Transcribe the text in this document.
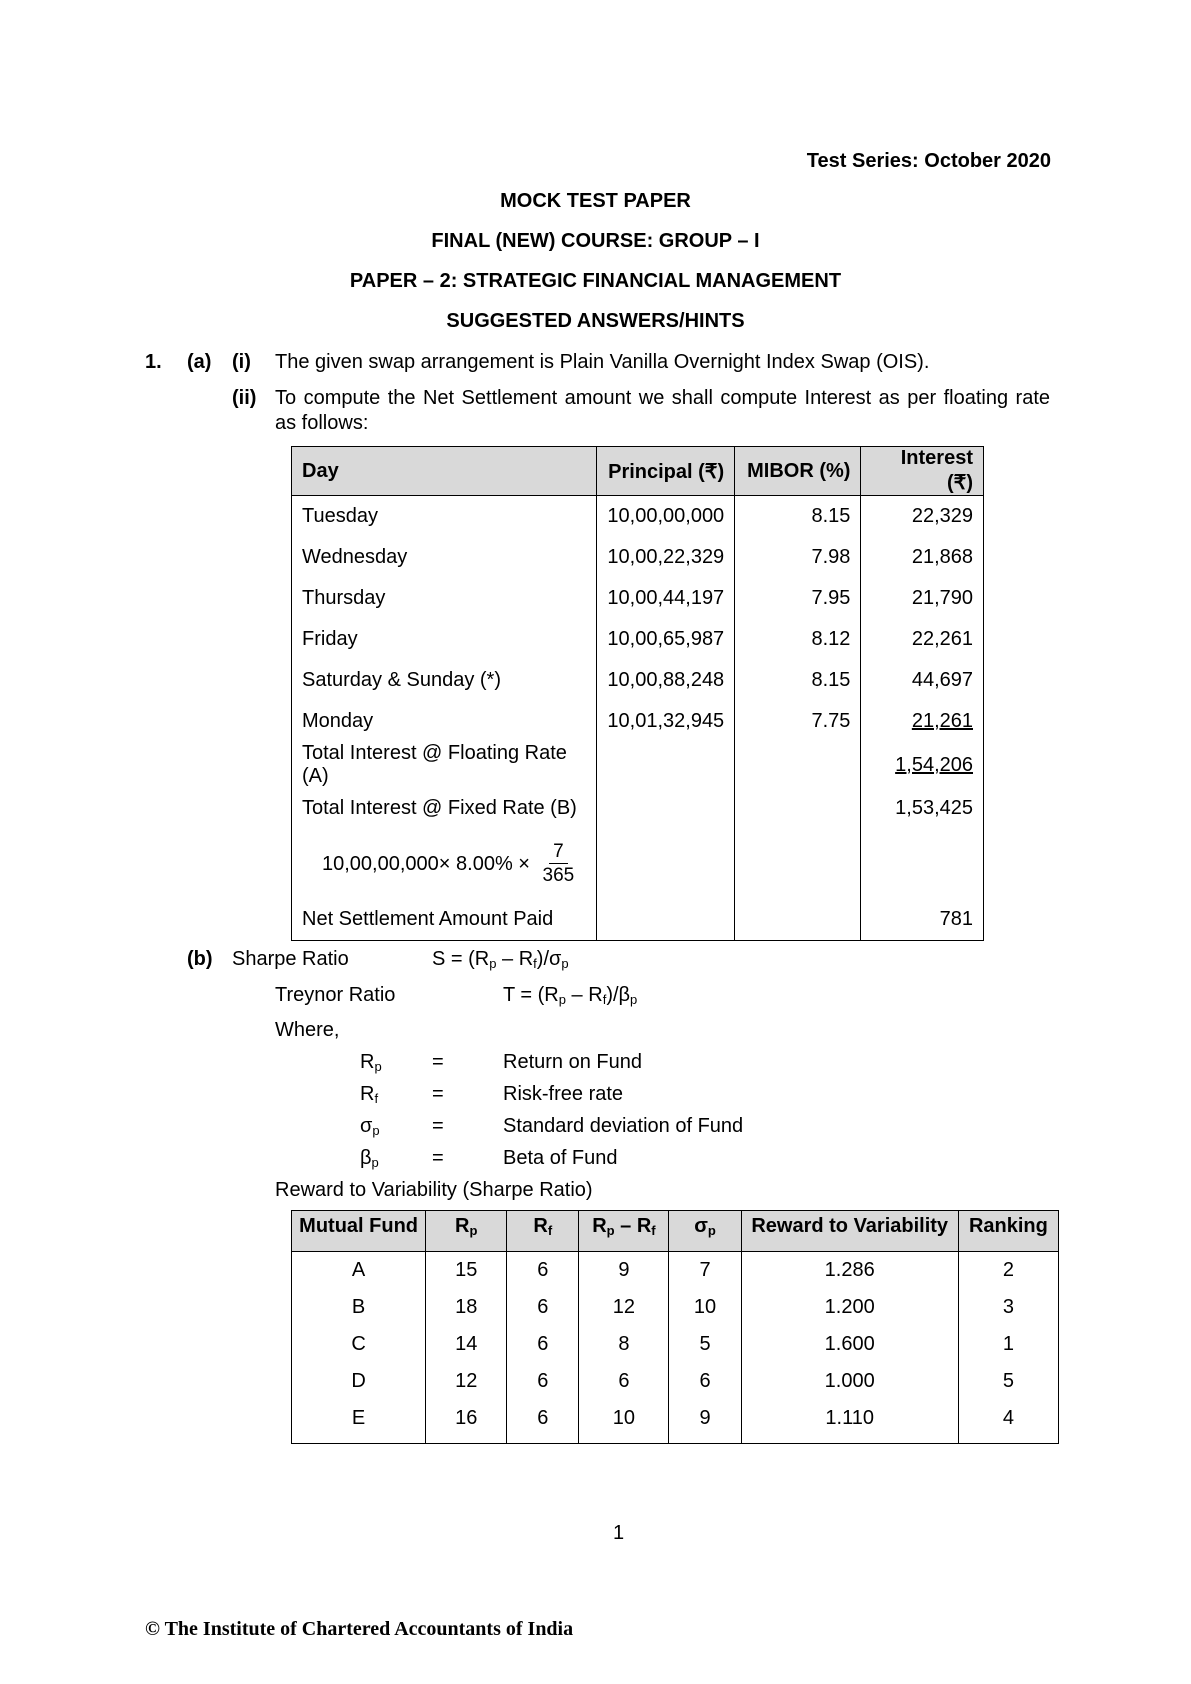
Test Series: October 2020
MOCK TEST PAPER
FINAL (NEW) COURSE: GROUP – I
PAPER – 2: STRATEGIC FINANCIAL MANAGEMENT
SUGGESTED ANSWERS/HINTS
1. (a) (i) The given swap arrangement is Plain Vanilla Overnight Index Swap (OIS).
(ii) To compute the Net Settlement amount we shall compute Interest as per floating rate as follows:
Day	Principal (₹)	MIBOR (%)	Interest (₹)
Tuesday	10,00,00,000	8.15	22,329
Wednesday	10,00,22,329	7.98	21,868
Thursday	10,00,44,197	7.95	21,790
Friday	10,00,65,987	8.12	22,261
Saturday & Sunday (*)	10,00,88,248	8.15	44,697
Monday	10,01,32,945	7.75	21,261
Total Interest @ Floating Rate (A)			1,54,206
Total Interest @ Fixed Rate (B)			1,53,425
$10,00,00,000\times 8.00\% \times \frac{7}{365}$

Net Settlement Amount Paid			781
(b) Sharpe Ratio	$S = (R_p - R_f)/\sigma_p$
Treynor Ratio	$T = (R_p - R_f)/\beta_p$
Where,
$R_p$	=	Return on Fund
$R_f$	=	Risk-free rate
$\sigma_p$	=	Standard deviation of Fund
$\beta_p$	=	Beta of Fund
Reward to Variability (Sharpe Ratio)
Mutual Fund	$R_p$	$R_f$	$R_p - R_f$	$\sigma_p$	Reward to Variability	Ranking
A	15	6	9	7	1.286	2
B	18	6	12	10	1.200	3
C	14	6	8	5	1.600	1
D	12	6	6	6	1.000	5
E	16	6	10	9	1.110	4
1
© The Institute of Chartered Accountants of India
